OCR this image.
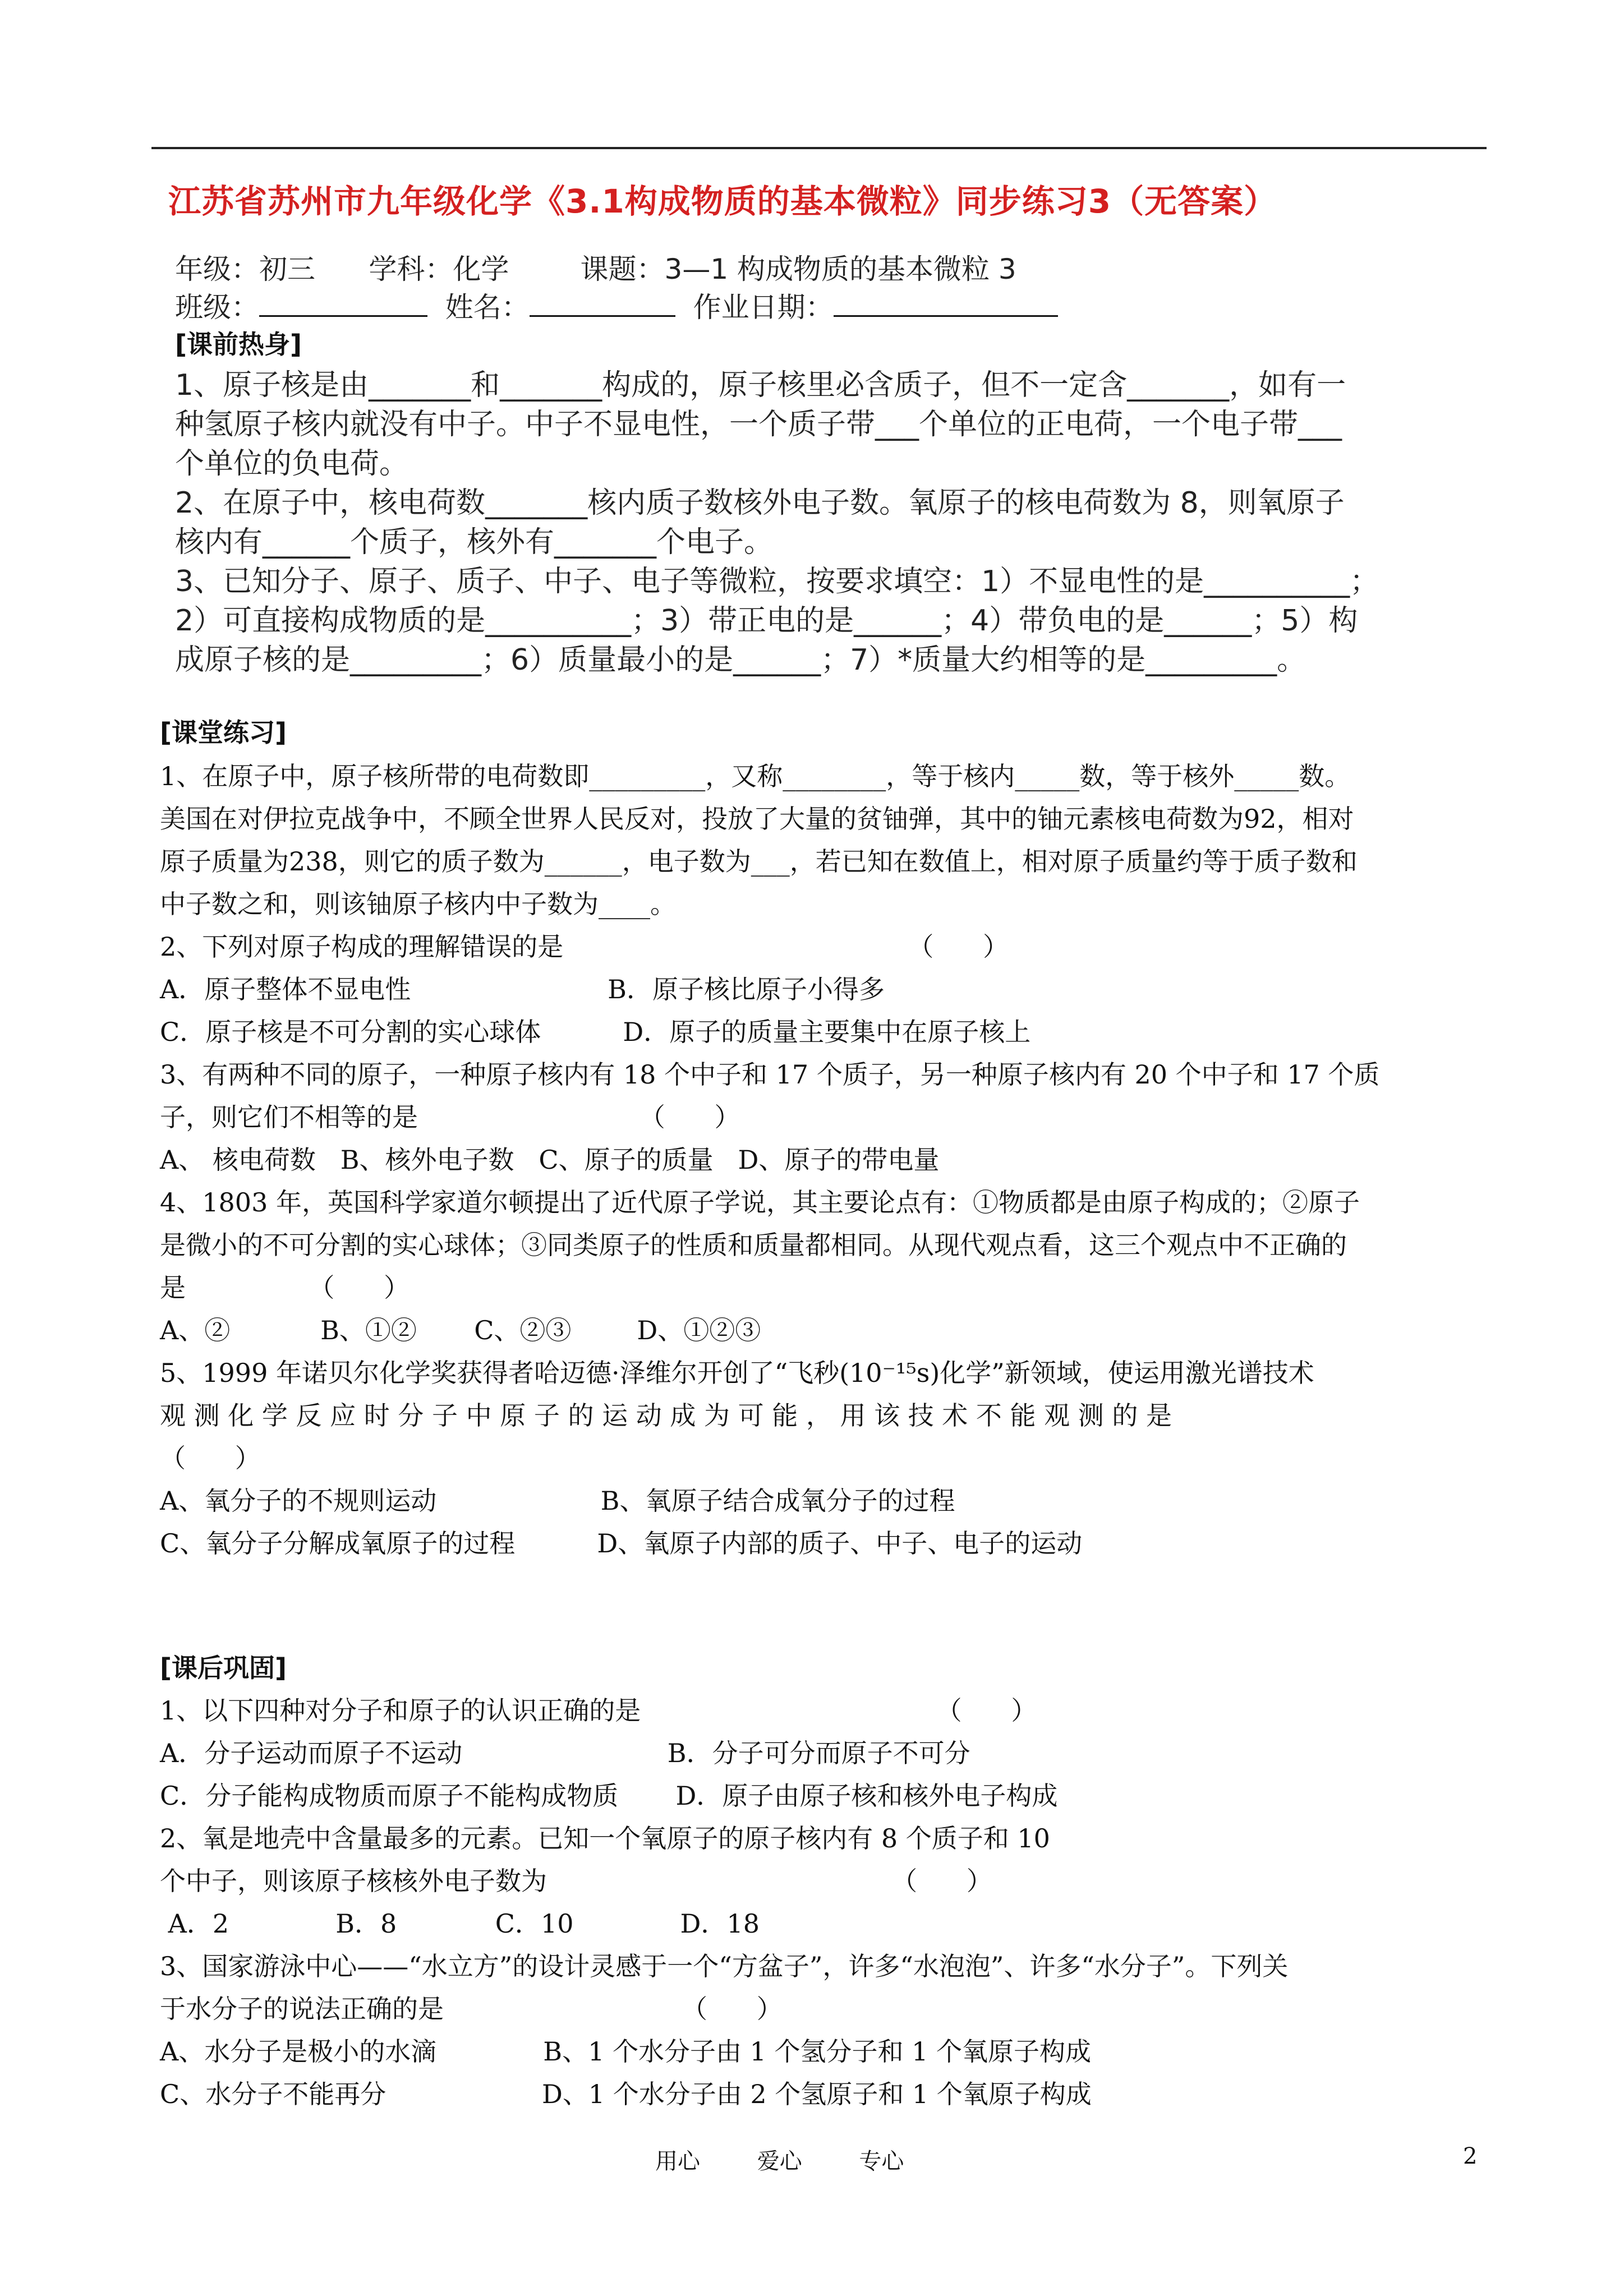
江苏省苏州市九年级化学《3.1构成物质的基本微粒》同步练习3（无答案）
年级：初三      学科：化学        课题：3—1 构成物质的基本微粒 3
班级：	姓名：	作业日期：
[课前热身]
1、原子核是由_______和_______构成的，原子核里必含质子，但不一定含_______，如有一
种氢原子核内就没有中子。中子不显电性，一个质子带___个单位的正电荷，一个电子带___
个单位的负电荷。
2、在原子中，核电荷数_______核内质子数核外电子数。氧原子的核电荷数为 8，则氧原子
核内有______个质子，核外有_______个电子。
3、已知分子、原子、质子、中子、电子等微粒，按要求填空：1）不显电性的是__________；
2）可直接构成物质的是__________；3）带正电的是______；4）带负电的是______；5）构
成原子核的是_________；6）质量最小的是______；7）*质量大约相等的是_________。
[课堂练习]
1、在原子中，原子核所带的电荷数即_________，又称________，等于核内_____数，等于核外_____数。
美国在对伊拉克战争中，不顾全世界人民反对，投放了大量的贫铀弹，其中的铀元素核电荷数为92，相对
原子质量为238，则它的质子数为______，电子数为___，若已知在数值上，相对原子质量约等于质子数和
中子数之和，则该铀原子核内中子数为____。
2、下列对原子构成的理解错误的是                                          （      ）
A．原子整体不显电性                        B．原子核比原子小得多
C．原子核是不可分割的实心球体          D．原子的质量主要集中在原子核上
3、有两种不同的原子，一种原子核内有 18 个中子和 17 个质子，另一种原子核内有 20 个中子和 17 个质
子，则它们不相等的是                           （      ）
A、 核电荷数   B、核外电子数   C、原子的质量   D、原子的带电量
4、1803 年，英国科学家道尔顿提出了近代原子学说，其主要论点有：①物质都是由原子构成的；②原子
是微小的不可分割的实心球体；③同类原子的性质和质量都相同。从现代观点看，这三个观点中不正确的
是               （      ）
A、②           B、①②       C、②③        D、①②③
5、1999 年诺贝尔化学奖获得者哈迈德·泽维尔开创了“飞秒(10⁻¹⁵s)化学”新领域，使运用激光谱技术
观 测 化 学 反 应 时 分 子 中 原 子 的 运 动 成 为 可 能 ， 用 该 技 术 不 能 观 测 的 是
（      ）
A、氧分子的不规则运动                    B、氧原子结合成氧分子的过程
C、氧分子分解成氧原子的过程          D、氧原子内部的质子、中子、电子的运动
[课后巩固]
1、以下四种对分子和原子的认识正确的是                                    （      ）
A．分子运动而原子不运动                         B．分子可分而原子不可分
C．分子能构成物质而原子不能构成物质       D．原子由原子核和核外电子构成
2、氧是地壳中含量最多的元素。已知一个氧原子的原子核内有 8 个质子和 10
个中子，则该原子核核外电子数为                                          （      ）
A．2             B．8            C．10             D．18
3、国家游泳中心——“水立方”的设计灵感于一个“方盆子”，许多“水泡泡”、许多“水分子”。下列关
于水分子的说法正确的是                             （      ）
A、水分子是极小的水滴             B、1 个水分子由 1 个氢分子和 1 个氧原子构成
C、水分子不能再分                   D、1 个水分子由 2 个氢原子和 1 个氧原子构成
用心        爱心        专心	2
